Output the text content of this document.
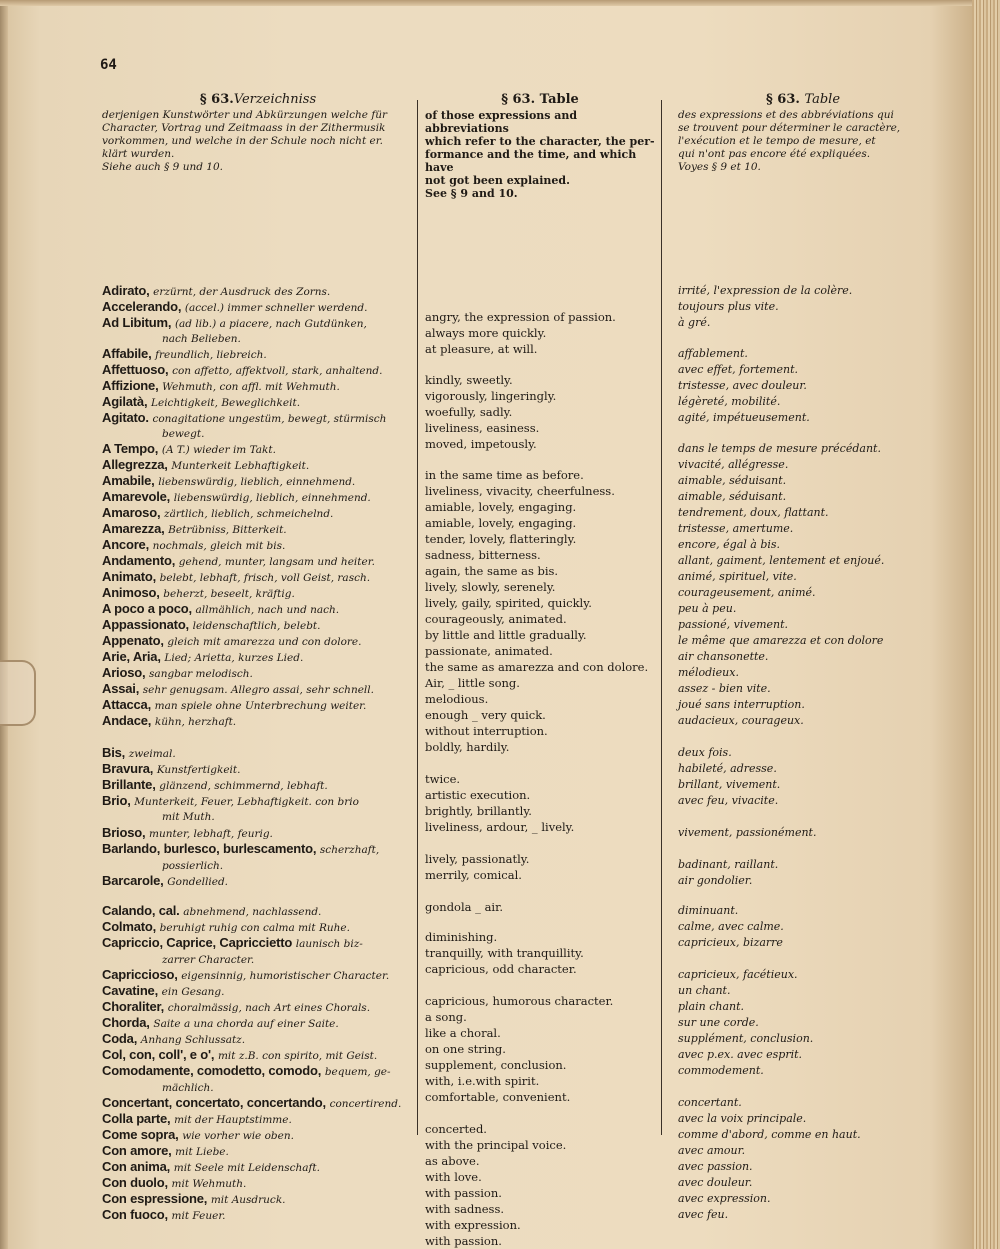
64
§ 63.Verzeichniss
derjenigen Kunstwörter und Abkürzungen welche für
Character, Vortrag und Zeitmaass in der Zithermusik
vorkommen, und welche in der Schule noch nicht er.
klärt wurden.
Siehe auch § 9 und 10.
Adirato, erzürnt, der Ausdruck des Zorns.
Accelerando, (accel.) immer schneller werdend.
Ad Libitum, (ad lib.) a piacere, nach Gutdünken,
nach Belieben.
Affabile, freundlich, liebreich.
Affettuoso, con affetto, affektvoll, stark, anhaltend.
Affizione, Wehmuth, con affl. mit Wehmuth.
Agilatà, Leichtigkeit, Beweglichkeit.
Agitato. conagitatione ungestüm, bewegt, stürmisch
bewegt.
A Tempo, (A T.) wieder im Takt.
Allegrezza, Munterkeit Lebhaftigkeit.
Amabile, liebenswürdig, lieblich, einnehmend.
Amarevole, liebenswürdig, lieblich, einnehmend.
Amaroso, zärtlich, lieblich, schmeichelnd.
Amarezza, Betrübniss, Bitterkeit.
Ancore, nochmals, gleich mit bis.
Andamento, gehend, munter, langsam und heiter.
Animato, belebt, lebhaft, frisch, voll Geist, rasch.
Animoso, beherzt, beseelt, kräftig.
A poco a poco, allmählich, nach und nach.
Appassionato, leidenschaftlich, belebt.
Appenato, gleich mit amarezza und con dolore.
Arie, Aria, Lied; Arietta, kurzes Lied.
Arioso, sangbar melodisch.
Assai, sehr genugsam. Allegro assai, sehr schnell.
Attacca, man spiele ohne Unterbrechung weiter.
Andace, kühn, herzhaft.
Bis, zweimal.
Bravura, Kunstfertigkeit.
Brillante, glänzend, schimmernd, lebhaft.
Brio, Munterkeit, Feuer, Lebhaftigkeit. con brio
mit Muth.
Brioso, munter, lebhaft, feurig.
Barlando, burlesco, burlescamento, scherzhaft,
possierlich.
Barcarole, Gondellied.
Calando, cal. abnehmend, nachlassend.
Colmato, beruhigt ruhig con calma mit Ruhe.
Capriccio, Caprice, Capriccietto launisch biz-
zarrer Character.
Capriccioso, eigensinnig, humoristischer Character.
Cavatine, ein Gesang.
Choraliter, choralmässig, nach Art eines Chorals.
Chorda, Saite a una chorda auf einer Saite.
Coda, Anhang Schlussatz.
Col, con, coll', e o', mit z.B. con spirito, mit Geist.
Comodamente, comodetto, comodo, bequem, ge-
mächlich.
Concertant, concertato, concertando, concertirend.
Colla parte, mit der Hauptstimme.
Come sopra, wie vorher wie oben.
Con amore, mit Liebe.
Con anima, mit Seele mit Leidenschaft.
Con duolo, mit Wehmuth.
Con espressione, mit Ausdruck.
Con fuoco, mit Feuer.
§ 63. Table
of those expressions and abbreviations
which refer to the character, the per-
formance and the time, and which have
not got been explained.
See § 9 and 10.
angry, the expression of passion.
always more quickly.
at pleasure, at will.
kindly, sweetly.
vigorously, lingeringly.
woefully, sadly.
liveliness, easiness.
moved, impetously.
in the same time as before.
liveliness, vivacity, cheerfulness.
amiable, lovely, engaging.
amiable, lovely, engaging.
tender, lovely, flatteringly.
sadness, bitterness.
again, the same as bis.
lively, slowly, serenely.
lively, gaily, spirited, quickly.
courageously, animated.
by little and little gradually.
passionate, animated.
the same as amarezza and con dolore.
Air, _ little song.
melodious.
enough _ very quick.
without interruption.
boldly, hardily.
twice.
artistic execution.
brightly, brillantly.
liveliness, ardour, _ lively.
lively, passionatly.
merrily, comical.
gondola _ air.
diminishing.
tranquilly, with tranquillity.
capricious, odd character.
capricious, humorous character.
a song.
like a choral.
on one string.
supplement, conclusion.
with, i.e.with spirit.
comfortable, convenient.
concerted.
with the principal voice.
as above.
with love.
with passion.
with sadness.
with expression.
with passion.
§ 63. Table
des expressions et des abbréviations qui
se trouvent pour déterminer le caractère,
l'exécution et le tempo de mesure, et
qui n'ont pas encore été expliquées.
Voyes § 9 et 10.
irrité, l'expression de la colère.
toujours plus vite.
à gré.
affablement.
avec effet, fortement.
tristesse, avec douleur.
légèreté, mobilité.
agité, impétueusement.
dans le temps de mesure précédant.
vivacité, allégresse.
aimable, séduisant.
aimable, séduisant.
tendrement, doux, flattant.
tristesse, amertume.
encore, égal à bis.
allant, gaiment, lentement et enjoué.
animé, spirituel, vite.
courageusement, animé.
peu à peu.
passioné, vivement.
le même que amarezza et con dolore
air chansonette.
mélodieux.
assez - bien vite.
joué sans interruption.
audacieux, courageux.
deux fois.
habileté, adresse.
brillant, vivement.
avec feu, vivacite.
vivement, passionément.
badinant, raillant.
air gondolier.
diminuant.
calme, avec calme.
capricieux, bizarre
capricieux, facétieux.
un chant.
plain chant.
sur une corde.
supplément, conclusion.
avec p.ex. avec esprit.
commodement.
concertant.
avec la voix principale.
comme d'abord, comme en haut.
avec amour.
avec passion.
avec douleur.
avec expression.
avec feu.
